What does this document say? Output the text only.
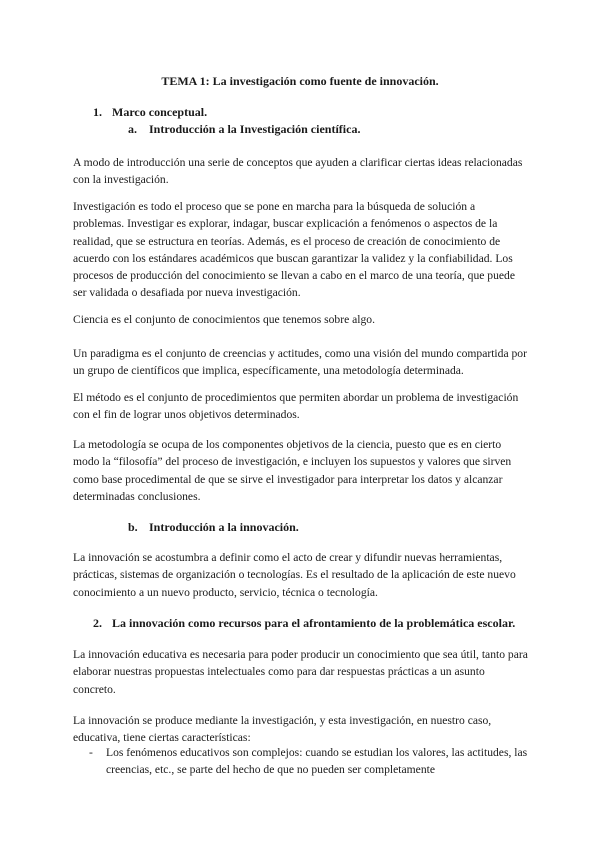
TEMA 1: La investigación como fuente de innovación.
1. Marco conceptual.
a. Introducción a la Investigación científica.

A modo de introducción una serie de conceptos que ayuden a clarificar ciertas ideas relacionadas con la investigación.

Investigación es todo el proceso que se pone en marcha para la búsqueda de solución a problemas. Investigar es explorar, indagar, buscar explicación a fenómenos o aspectos de la realidad, que se estructura en teorías. Además, es el proceso de creación de conocimiento de acuerdo con los estándares académicos que buscan garantizar la validez y la confiabilidad. Los procesos de producción del conocimiento se llevan a cabo en el marco de una teoría, que puede ser validada o desafiada por nueva investigación.

Ciencia es el conjunto de conocimientos que tenemos sobre algo.

Un paradigma es el conjunto de creencias y actitudes, como una visión del mundo compartida por un grupo de científicos que implica, específicamente, una metodología determinada.

El método es el conjunto de procedimientos que permiten abordar un problema de investigación con el fin de lograr unos objetivos determinados.

La metodología se ocupa de los componentes objetivos de la ciencia, puesto que es en cierto modo la “filosofía” del proceso de investigación, e incluyen los supuestos y valores que sirven como base procedimental de que se sirve el investigador para interpretar los datos y alcanzar determinadas conclusiones.

b. Introducción a la innovación.

La innovación se acostumbra a definir como el acto de crear y difundir nuevas herramientas, prácticas, sistemas de organización o tecnologías. Es el resultado de la aplicación de este nuevo conocimiento a un nuevo producto, servicio, técnica o tecnología.

2. La innovación como recursos para el afrontamiento de la problemática escolar.

La innovación educativa es necesaria para poder producir un conocimiento que sea útil, tanto para elaborar nuestras propuestas intelectuales como para dar respuestas prácticas a un asunto concreto.

La innovación se produce mediante la investigación, y esta investigación, en nuestro caso, educativa, tiene ciertas características:

- Los fenómenos educativos son complejos: cuando se estudian los valores, las actitudes, las creencias, etc., se parte del hecho de que no pueden ser completamente
